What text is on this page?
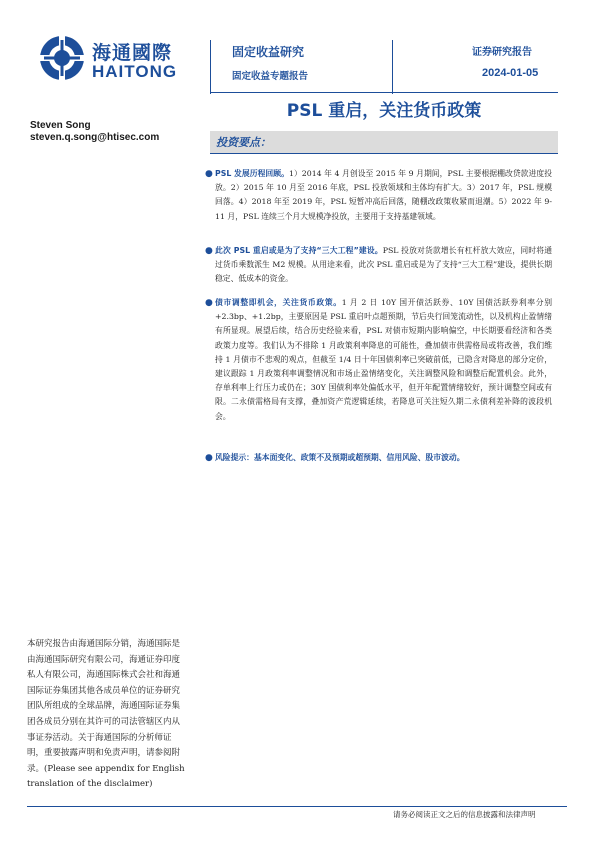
海通國際
HAITONG
固定收益研究
固定收益专题报告
证券研究报告
2024-01-05
PSL 重启，关注货币政策
Steven Song
steven.q.song@htisec.com	投资要点：
● PSL 发展历程回顾。1）2014 年 4 月创设至 2015 年 9 月期间，PSL 主要根据棚改贷款进度投放。2）2015 年 10 月至 2016 年底，PSL 投放领域和主体均有扩大。3）2017 年，PSL 规模回落。4）2018 年至 2019 年，PSL 短暂冲高后回落，随棚改政策收紧而退潮。5）2022 年 9-11 月，PSL 连续三个月大规模净投放，主要用于支持基建领域。
● 此次 PSL 重启或是为了支持“三大工程”建设。PSL 投放对货款增长有杠杆放大效应，同时将通过货币乘数派生 M2 规模。从用途来看，此次 PSL 重启或是为了支持“三大工程”建设，提供长期稳定、低成本的资金。
● 债市调整即机会，关注货币政策。1 月 2 日 10Y 国开债活跃券、10Y 国债活跃券利率分别+2.3bp、+1.2bp，主要原因是 PSL 重启叶点超预期，节后央行回笼流动性，以及机构止盈情绪有所显现。展望后续，结合历史经验来看，PSL 对债市短期内影响偏空，中长期要看经济和各类政策力度等。我们认为不排除 1 月政策利率降息的可能性，叠加债市供需格局或将改善，我们维持 1 月债市不悲观的观点，但截至 1/4 日十年国债利率已突破前低，已隐含对降息的部分定价，建议跟踪 1 月政策利率调整情况和市场止盈情绪变化，关注调整风险和调整后配置机会。此外，存单利率上行压力或仍在；30Y 国债利率处偏低水平，但开年配置情绪较好，预计调整空间或有限。二永债需格局有支撑，叠加资产荒逻辑延续，若降息可关注短久期二永债利差补降的波段机会。
● 风险提示：基本面变化、政策不及预期或超预期、信用风险、股市波动。
本研究报告由海通国际分销，海通国际是由海通国际研究有限公司，海通证券印度私人有限公司，海通国际株式会社和海通国际证券集团其他各成员单位的证券研究团队所组成的全球品牌，海通国际证券集团各成员分别在其许可的司法管辖区内从事证券活动。关于海通国际的分析师证明，重要披露声明和免责声明，请参阅附录。(Please see appendix for English translation of the disclaimer)
请务必阅读正文之后的信息披露和法律声明
